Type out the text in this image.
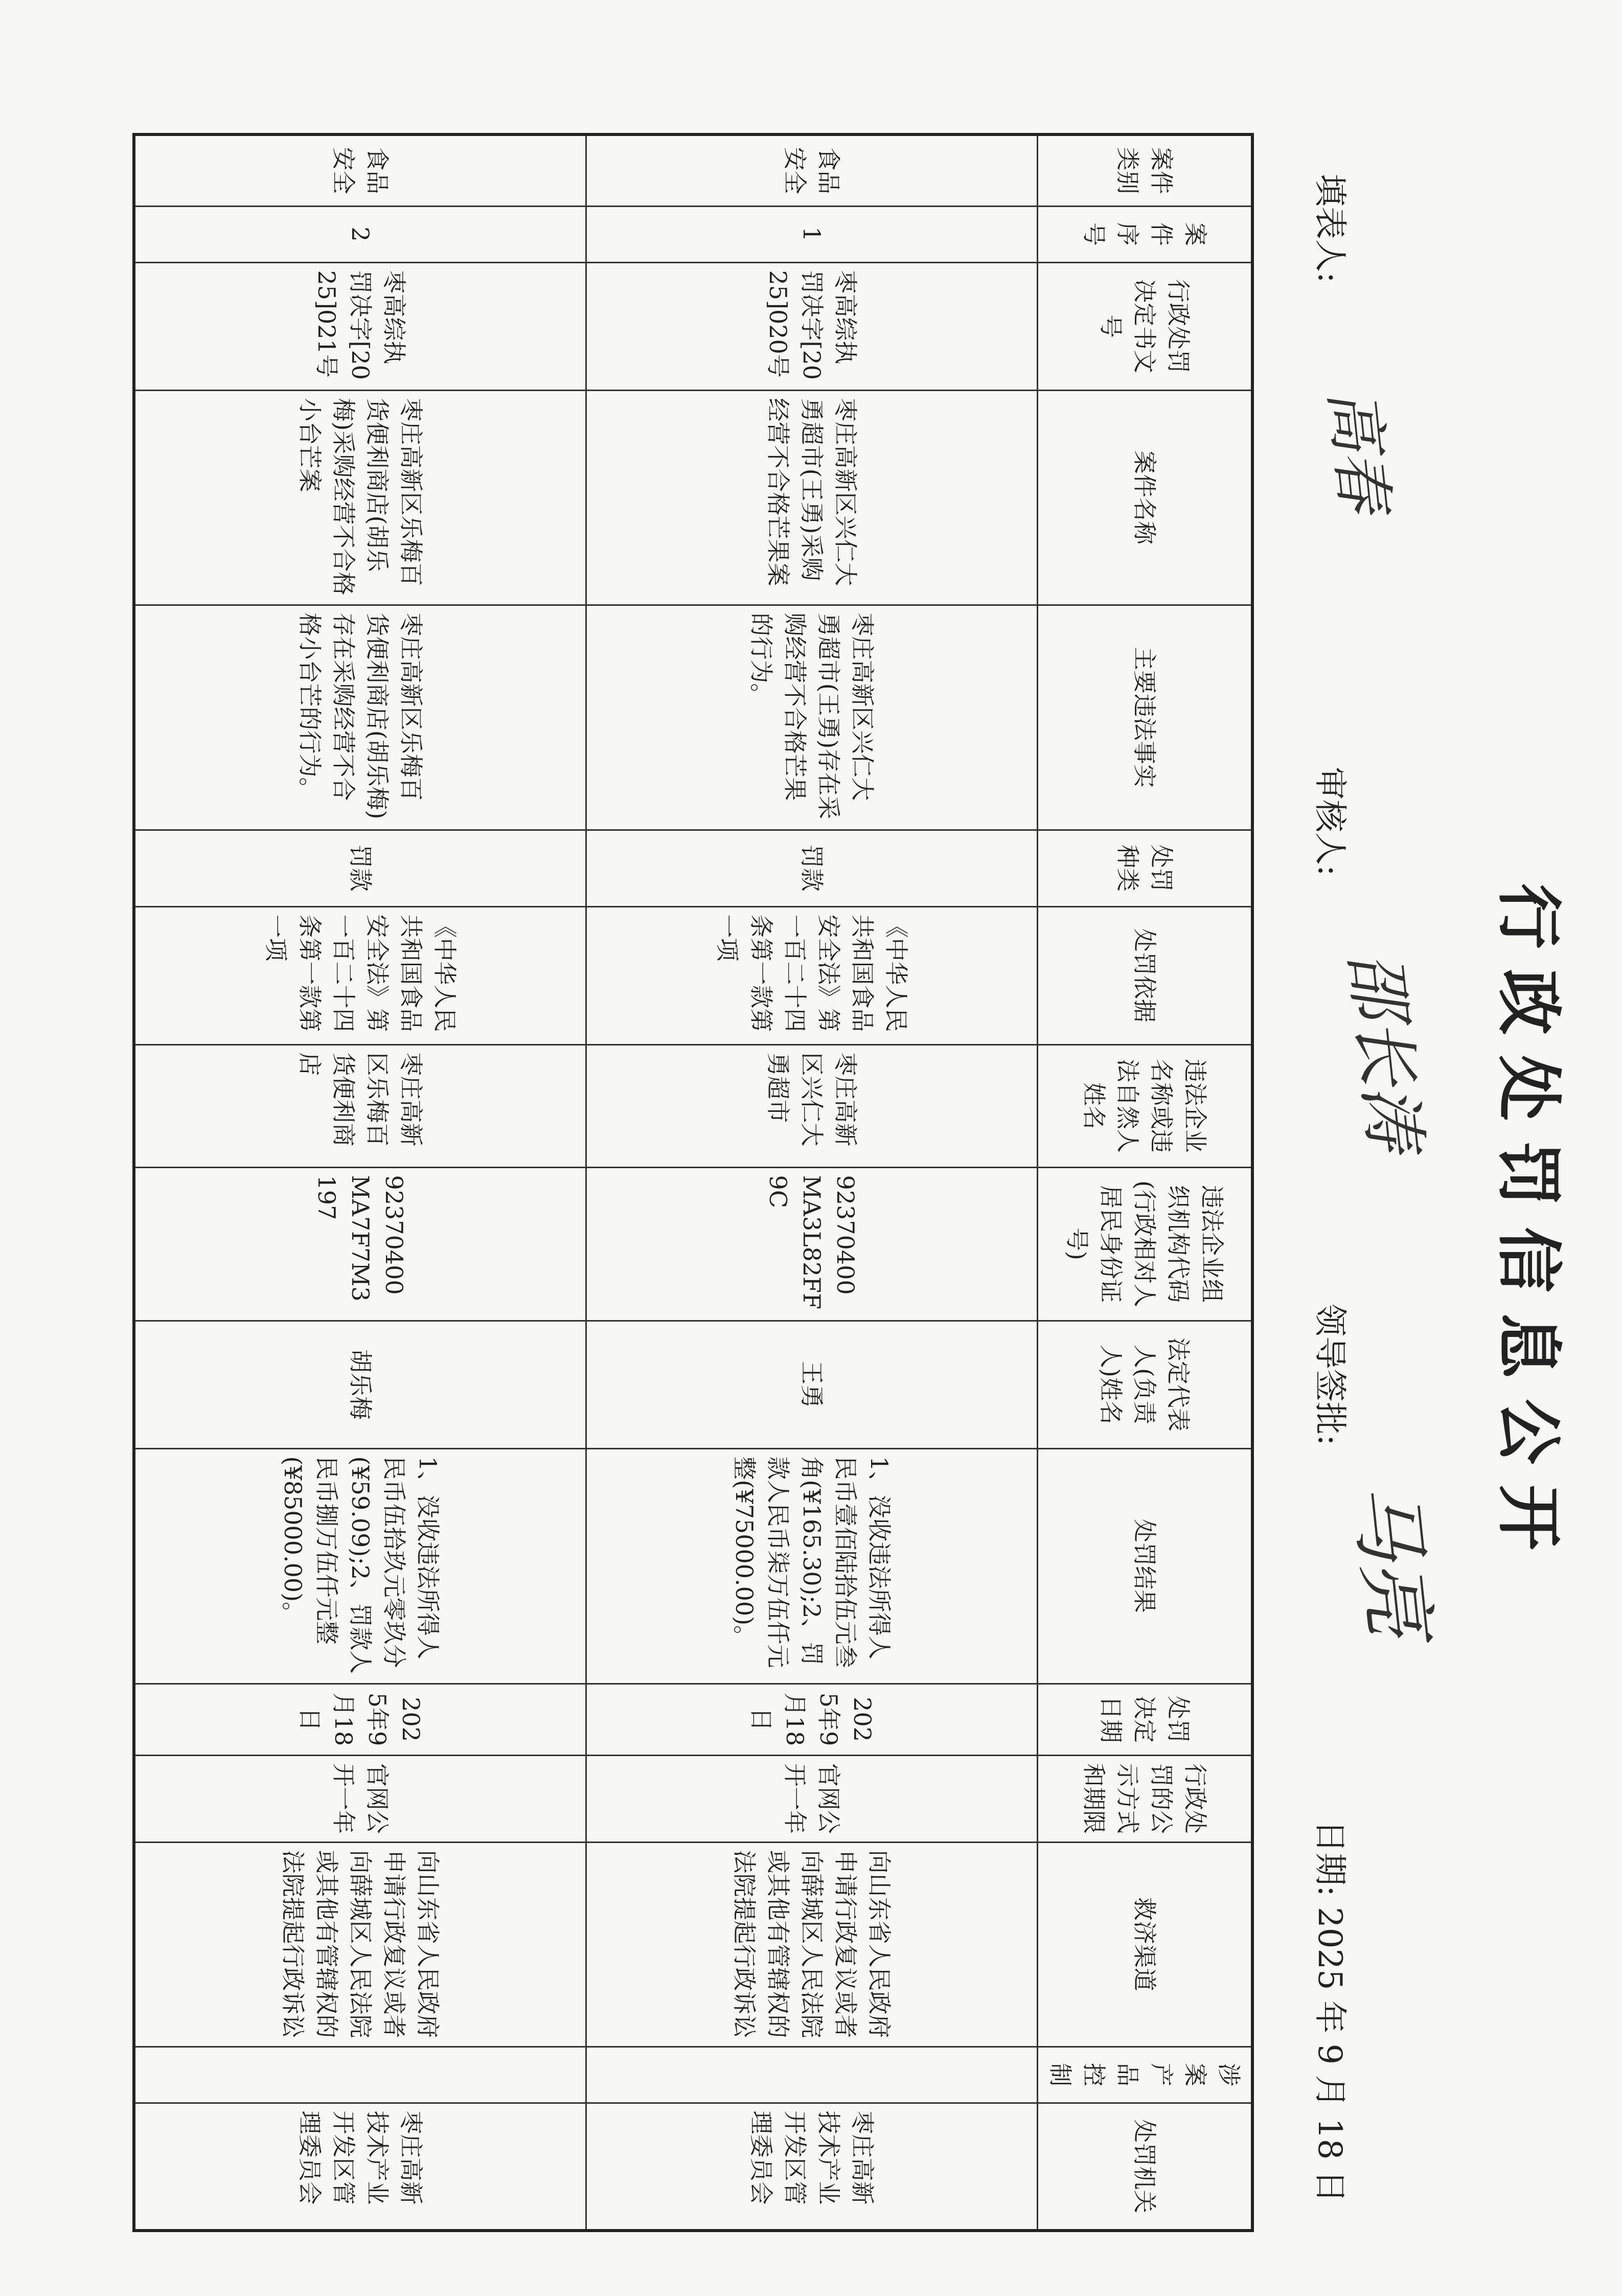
行政处罚信息公开
填表人:
高春
审核人:
邵长涛
领导签批:
马亮
日期: 2025 年 9 月 18 日
案件类别	案件序号	行政处罚决定书文号	案件名称	主要违法事实	处罚种类	处罚依据	违法企业名称或违法自然人姓名	违法企业组织机构代码(行政相对人居民身份证号)	法定代表人(负责人)姓名	处罚结果	处罚决定日期	行政处罚的公示方式和期限	救济渠道	涉案产品控制	处罚机关
食品安全	1	枣高综执罚决字[2025]020号	枣庄高新区兴仁大勇超市(王勇)采购经营不合格芒果案	枣庄高新区兴仁大勇超市(王勇)存在采购经营不合格芒果的行为。	罚款	《中华人民共和国食品安全法》第一百二十四条第一款第一项	枣庄高新区兴仁大勇超市	92370400MA3L82FF9C	王勇	1、没收违法所得人民币壹佰陆拾伍元叁角(¥165.30);2、罚款人民币柒万伍仟元整(¥75000.00)。	2025年9月18日	官网公开一年	向山东省人民政府申请行政复议或者向薛城区人民法院或其他有管辖权的法院提起行政诉讼		枣庄高新技术产业开发区管理委员会
食品安全	2	枣高综执罚决字[2025]021号	枣庄高新区乐梅百货便利商店(胡乐梅)采购经营不合格小台芒案	枣庄高新区乐梅百货便利商店(胡乐梅)存在采购经营不合格小台芒的行为。	罚款	《中华人民共和国食品安全法》第一百二十四条第一款第一项	枣庄高新区乐梅百货便利商店	92370400MA7F7M3197	胡乐梅	1、没收违法所得人民币伍拾玖元零玖分(¥59.09);2、罚款人民币捌万伍仟元整(¥85000.00)。	2025年9月18日	官网公开一年	向山东省人民政府申请行政复议或者向薛城区人民法院或其他有管辖权的法院提起行政诉讼		枣庄高新技术产业开发区管理委员会
